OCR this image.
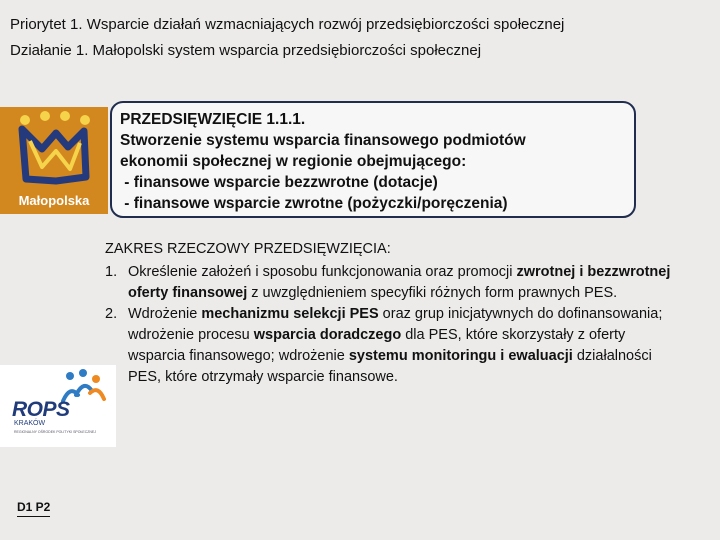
Priorytet 1. Wsparcie działań wzmacniających rozwój przedsiębiorczości społecznej
Działanie 1. Małopolski system wsparcia przedsiębiorczości społecznej
Małopolska
PRZEDSIĘWZIĘCIE 1.1.1.
Stworzenie systemu wsparcia finansowego podmiotów
ekonomii społecznej w regionie obejmującego:
- finansowe wsparcie bezzwrotne (dotacje)
- finansowe wsparcie zwrotne (pożyczki/poręczenia)
ZAKRES RZECZOWY PRZEDSIĘWZIĘCIA:
1. Określenie założeń i sposobu funkcjonowania oraz promocji zwrotnej i bezzwrotnej oferty finansowej z uwzględnieniem specyfiki różnych form prawnych PES.
2. Wdrożenie mechanizmu selekcji PES oraz grup inicjatywnych do dofinansowania; wdrożenie procesu wsparcia doradczego dla PES, które skorzystały z oferty wsparcia finansowego; wdrożenie systemu monitoringu i ewaluacji działalności PES, które otrzymały wsparcie finansowe.
ROPS
KRAKÓW
REGIONALNY OŚRODEK POLITYKI SPOŁECZNEJ
D1 P2
